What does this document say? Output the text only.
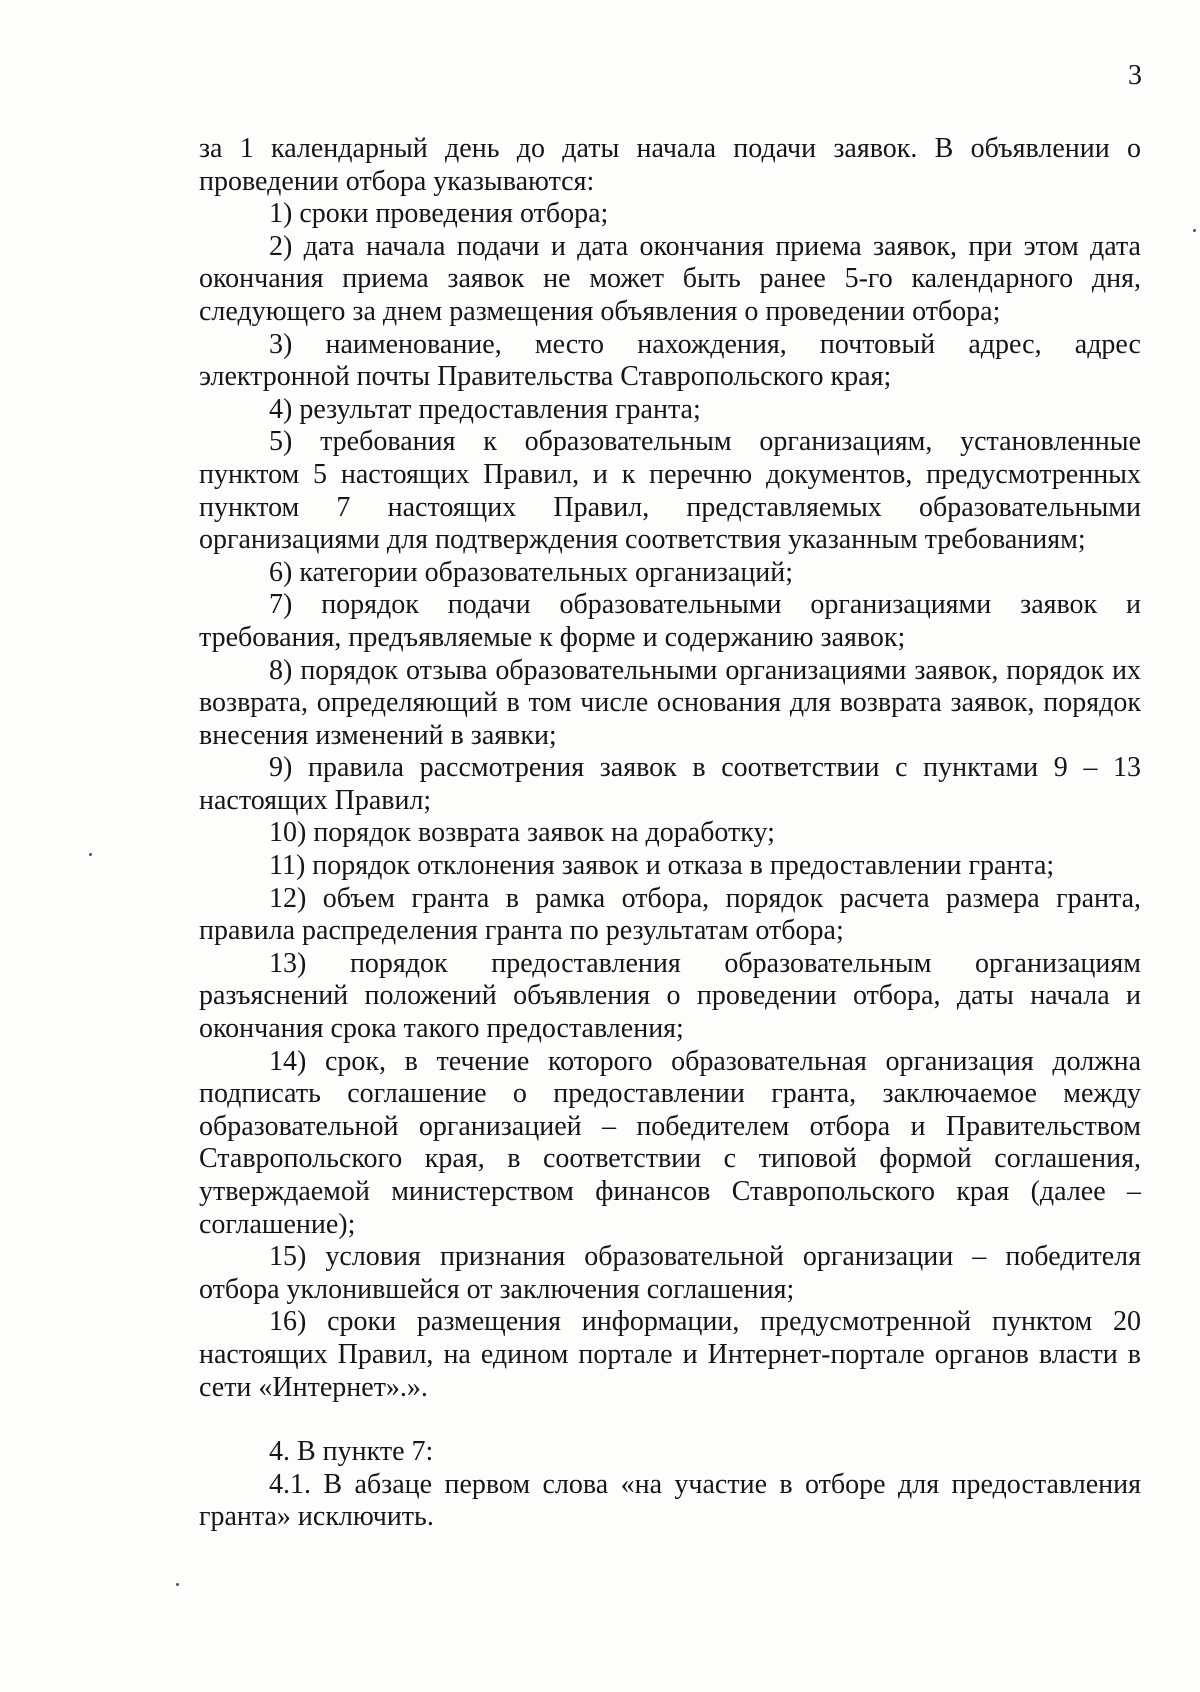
3

за 1 календарный день до даты начала подачи заявок. В объявлении о проведении отбора указываются:

1) сроки проведения отбора;

2) дата начала подачи и дата окончания приема заявок, при этом дата окончания приема заявок не может быть ранее 5-го календарного дня, следующего за днем размещения объявления о проведении отбора;

3) наименование, место нахождения, почтовый адрес, адрес электронной почты Правительства Ставропольского края;

4) результат предоставления гранта;

5) требования к образовательным организациям, установленные пунктом 5 настоящих Правил, и к перечню документов, предусмотренных пунктом 7 настоящих Правил, представляемых образовательными организациями для подтверждения соответствия указанным требованиям;

6) категории образовательных организаций;

7) порядок подачи образовательными организациями заявок и требования, предъявляемые к форме и содержанию заявок;

8) порядок отзыва образовательными организациями заявок, порядок их возврата, определяющий в том числе основания для возврата заявок, порядок внесения изменений в заявки;

9) правила рассмотрения заявок в соответствии с пунктами 9 – 13 настоящих Правил;

10) порядок возврата заявок на доработку;

11) порядок отклонения заявок и отказа в предоставлении гранта;

12) объем гранта в рамка отбора, порядок расчета размера гранта, правила распределения гранта по результатам отбора;

13) порядок предоставления образовательным организациям разъяснений положений объявления о проведении отбора, даты начала и окончания срока такого предоставления;

14) срок, в течение которого образовательная организация должна подписать соглашение о предоставлении гранта, заключаемое между образовательной организацией – победителем отбора и Правительством Ставропольского края, в соответствии с типовой формой соглашения, утверждаемой министерством финансов Ставропольского края (далее – соглашение);

15) условия признания образовательной организации – победителя отбора уклонившейся от заключения соглашения;

16) сроки размещения информации, предусмотренной пунктом 20 настоящих Правил, на едином портале и Интернет-портале органов власти в сети «Интернет».».

4. В пункте 7:

4.1. В абзаце первом слова «на участие в отборе для предоставления гранта» исключить.
